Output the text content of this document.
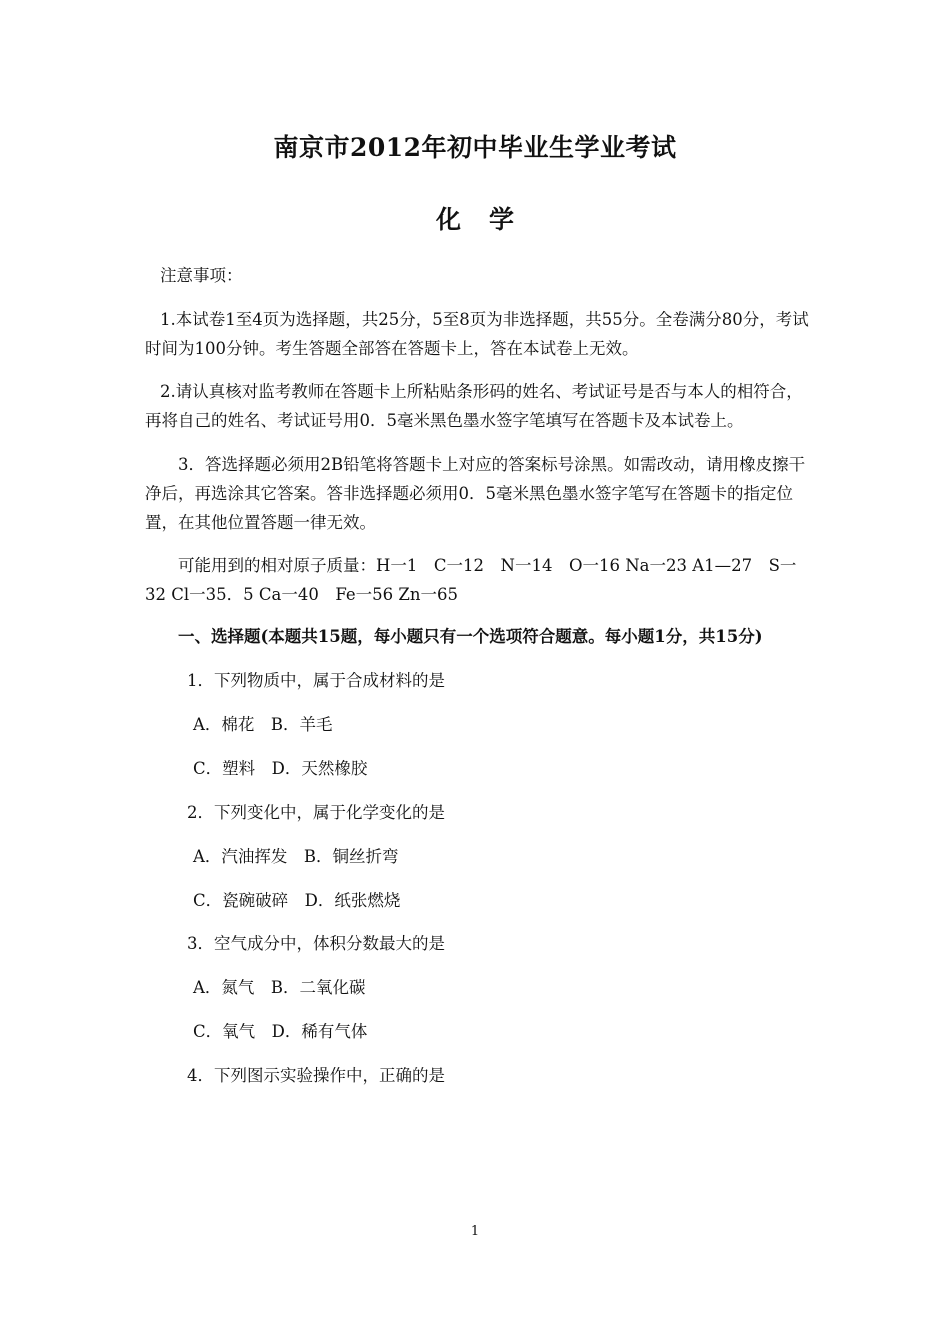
南京市2012年初中毕业生学业考试
化学
注意事项：
1.本试卷1至4页为选择题，共25分，5至8页为非选择题，共55分。全卷满分80分，考试时间为100分钟。考生答题全部答在答题卡上，答在本试卷上无效。
2.请认真核对监考教师在答题卡上所粘贴条形码的姓名、考试证号是否与本人的相符合，再将自己的姓名、考试证号用0．5毫米黑色墨水签字笔填写在答题卡及本试卷上。
3．答选择题必须用2B铅笔将答题卡上对应的答案标号涂黑。如需改动，请用橡皮擦干净后，再选涂其它答案。答非选择题必须用0．5毫米黑色墨水签字笔写在答题卡的指定位置，在其他位置答题一律无效。
可能用到的相对原子质量：H一1　C一12　N一14　O一16 Na一23 A1—27　S一32 Cl一35．5 Ca一40　Fe一56 Zn一65
一、选择题(本题共15题，每小题只有一个选项符合题意。每小题1分，共15分)
1．下列物质中，属于合成材料的是
A．棉花　B．羊毛
C．塑料　D．天然橡胶
2．下列变化中，属于化学变化的是
A．汽油挥发　B．铜丝折弯
C．瓷碗破碎　D．纸张燃烧
3．空气成分中，体积分数最大的是
A．氮气　B．二氧化碳
C．氧气　D．稀有气体
4．下列图示实验操作中，正确的是
1
